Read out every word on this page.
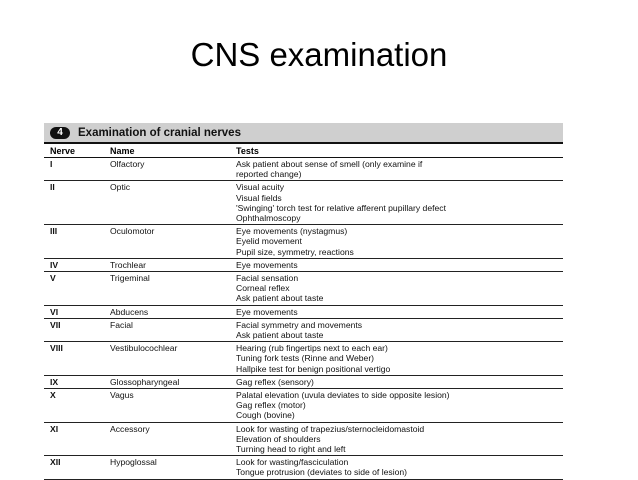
CNS examination
4	Examination of cranial nerves
Nerve	Name	Tests
I	Olfactory	Ask patient about sense of smell (only examine if
reported change)
II	Optic	Visual acuity
Visual fields
'Swinging' torch test for relative afferent pupillary defect
Ophthalmoscopy
III	Oculomotor	Eye movements (nystagmus)
Eyelid movement
Pupil size, symmetry, reactions
IV	Trochlear	Eye movements
V	Trigeminal	Facial sensation
Corneal reflex
Ask patient about taste
VI	Abducens	Eye movements
VII	Facial	Facial symmetry and movements
Ask patient about taste
VIII	Vestibulocochlear	Hearing (rub fingertips next to each ear)
Tuning fork tests (Rinne and Weber)
Hallpike test for benign positional vertigo
IX	Glossopharyngeal	Gag reflex (sensory)
X	Vagus	Palatal elevation (uvula deviates to side opposite lesion)
Gag reflex (motor)
Cough (bovine)
XI	Accessory	Look for wasting of trapezius/sternocleidomastoid
Elevation of shoulders
Turning head to right and left
XII	Hypoglossal	Look for wasting/fasciculation
Tongue protrusion (deviates to side of lesion)
